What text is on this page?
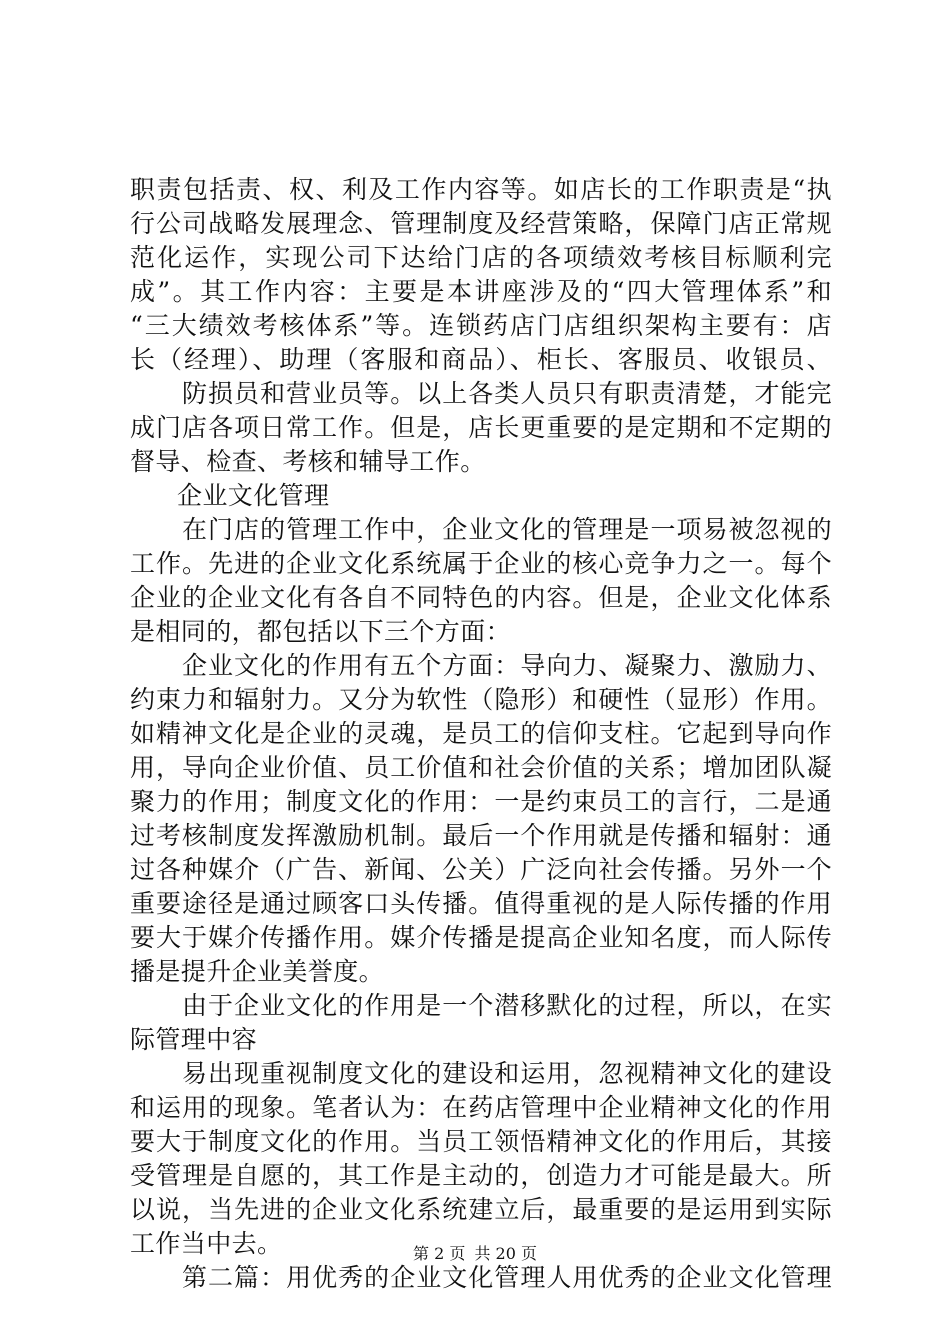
职责包括责、权、利及工作内容等。如店长的工作职责是“执
行公司战略发展理念、管理制度及经营策略，保障门店正常规
范化运作，实现公司下达给门店的各项绩效考核目标顺利完
成”。其工作内容：主要是本讲座涉及的“四大管理体系”和
“三大绩效考核体系”等。连锁药店门店组织架构主要有：店
长（经理）、助理（客服和商品）、柜长、客服员、收银员、
防损员和营业员等。以上各类人员只有职责清楚，才能完
成门店各项日常工作。但是，店长更重要的是定期和不定期的
督导、检查、考核和辅导工作。
企业文化管理
在门店的管理工作中，企业文化的管理是一项易被忽视的
工作。先进的企业文化系统属于企业的核心竞争力之一。每个
企业的企业文化有各自不同特色的内容。但是，企业文化体系
是相同的，都包括以下三个方面：
企业文化的作用有五个方面：导向力、凝聚力、激励力、
约束力和辐射力。又分为软性（隐形）和硬性（显形）作用。
如精神文化是企业的灵魂，是员工的信仰支柱。它起到导向作
用，导向企业价值、员工价值和社会价值的关系；增加团队凝
聚力的作用；制度文化的作用：一是约束员工的言行，二是通
过考核制度发挥激励机制。最后一个作用就是传播和辐射：通
过各种媒介（广告、新闻、公关）广泛向社会传播。另外一个
重要途径是通过顾客口头传播。值得重视的是人际传播的作用
要大于媒介传播作用。媒介传播是提高企业知名度，而人际传
播是提升企业美誉度。
由于企业文化的作用是一个潜移默化的过程，所以，在实
际管理中容
易出现重视制度文化的建设和运用，忽视精神文化的建设
和运用的现象。笔者认为：在药店管理中企业精神文化的作用
要大于制度文化的作用。当员工领悟精神文化的作用后，其接
受管理是自愿的，其工作是主动的，创造力才可能是最大。所
以说，当先进的企业文化系统建立后，最重要的是运用到实际
工作当中去。
第二篇：用优秀的企业文化管理人用优秀的企业文化管理
第 2 页 共 20 页
